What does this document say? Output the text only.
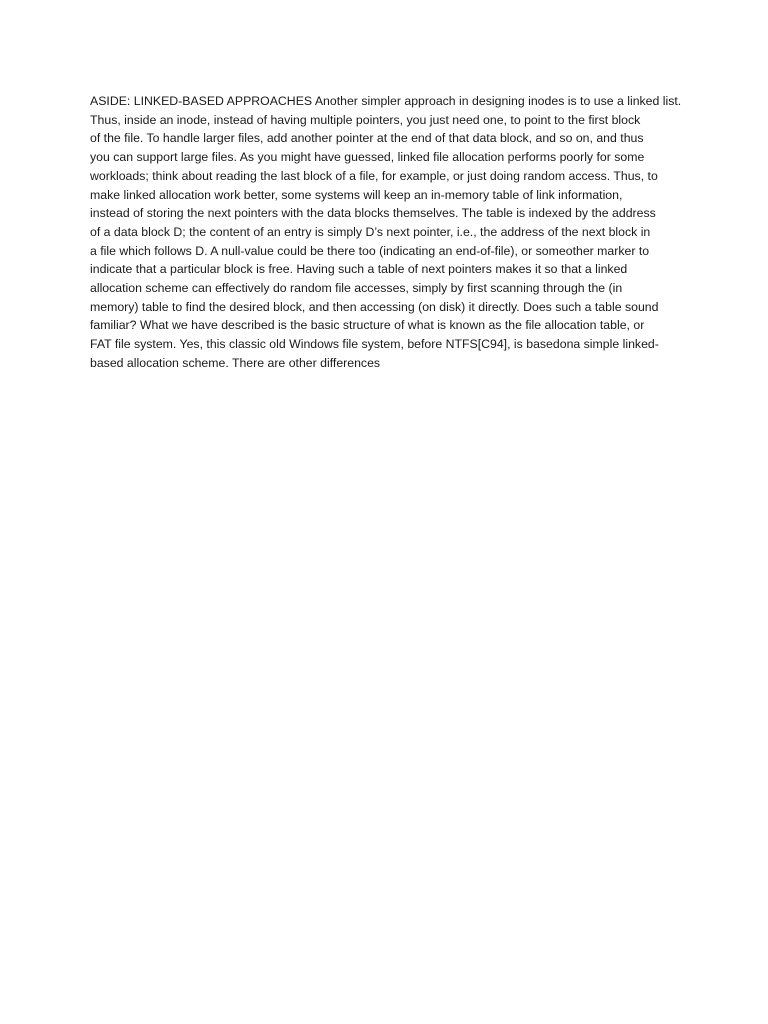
ASIDE: LINKED-BASED APPROACHES Another simpler approach in designing inodes is to use a linked list.
Thus, inside an inode, instead of having multiple pointers, you just need one, to point to the first block
of the file. To handle larger files, add another pointer at the end of that data block, and so on, and thus
you can support large files. As you might have guessed, linked file allocation performs poorly for some
workloads; think about reading the last block of a file, for example, or just doing random access. Thus, to
make linked allocation work better, some systems will keep an in-memory table of link information,
instead of storing the next pointers with the data blocks themselves. The table is indexed by the address
of a data block D; the content of an entry is simply D’s next pointer, i.e., the address of the next block in
a file which follows D. A null-value could be there too (indicating an end-of-file), or someother marker to
indicate that a particular block is free. Having such a table of next pointers makes it so that a linked
allocation scheme can effectively do random file accesses, simply by first scanning through the (in
memory) table to find the desired block, and then accessing (on disk) it directly. Does such a table sound
familiar? What we have described is the basic structure of what is known as the file allocation table, or
FAT file system. Yes, this classic old Windows file system, before NTFS[C94], is basedona simple linked-
based allocation scheme. There are other differences
